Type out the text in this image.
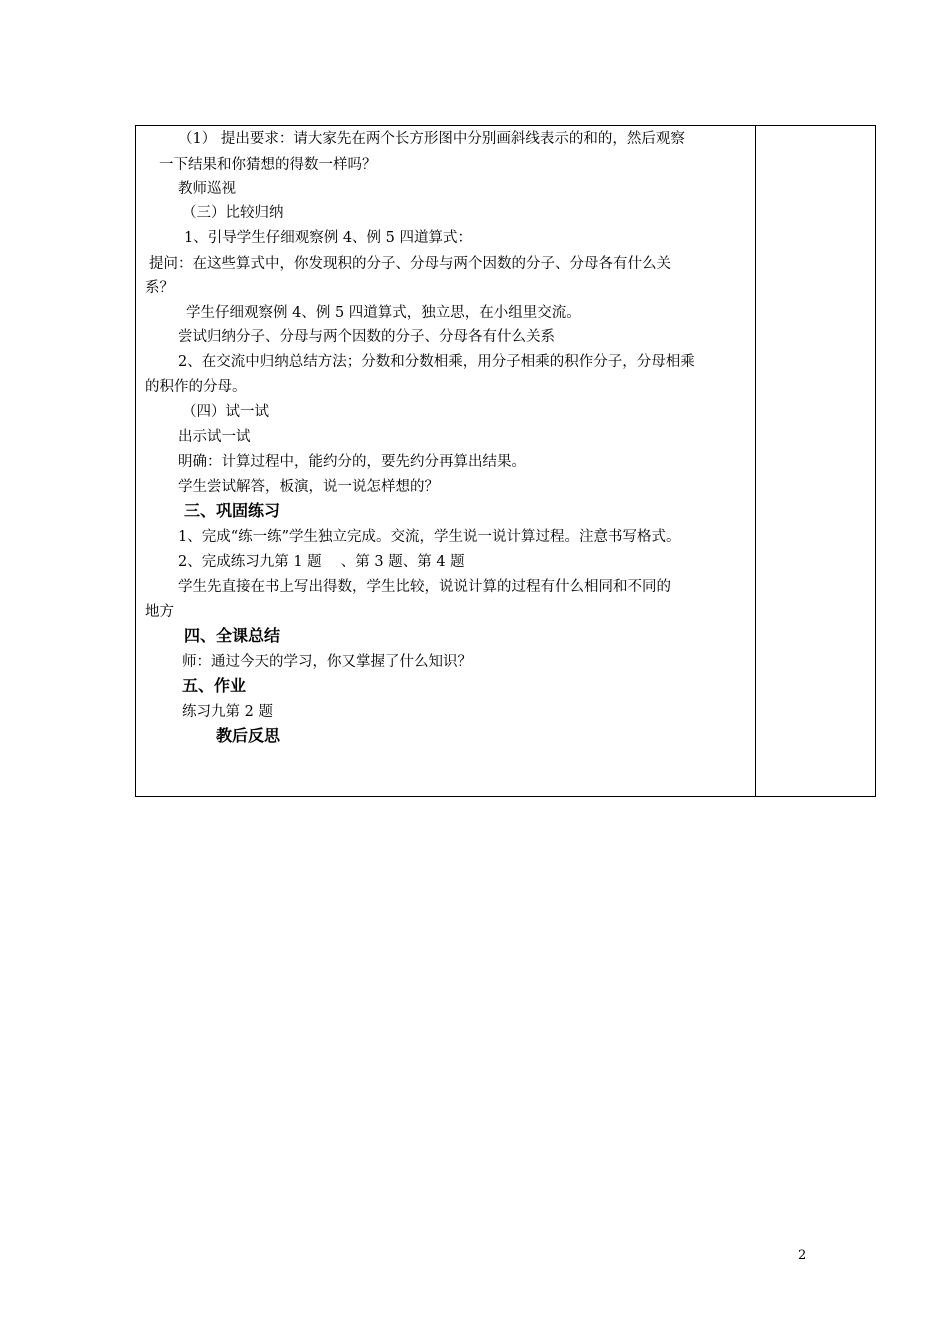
（1） 提出要求：请大家先在两个长方形图中分别画斜线表示的和的，然后观察
一下结果和你猜想的得数一样吗？
教师巡视
（三）比较归纳
1、引导学生仔细观察例 4、例 5 四道算式：
提问：在这些算式中，你发现积的分子、分母与两个因数的分子、分母各有什么关
系？
学生仔细观察例 4、例 5 四道算式，独立思，在小组里交流。
尝试归纳分子、分母与两个因数的分子、分母各有什么关系
2、在交流中归纳总结方法；分数和分数相乘，用分子相乘的积作分子，分母相乘
的积作的分母。
（四）试一试
出示试一试
明确：计算过程中，能约分的，要先约分再算出结果。
学生尝试解答，板演，说一说怎样想的？
三、巩固练习
1、完成“练一练”学生独立完成。交流，学生说一说计算过程。注意书写格式。
2、完成练习九第 1 题　 、第 3 题、第 4 题
学生先直接在书上写出得数，学生比较，说说计算的过程有什么相同和不同的
地方
四、全课总结
师：通过今天的学习，你又掌握了什么知识？
五、作业
练习九第 2 题
教后反思
2
